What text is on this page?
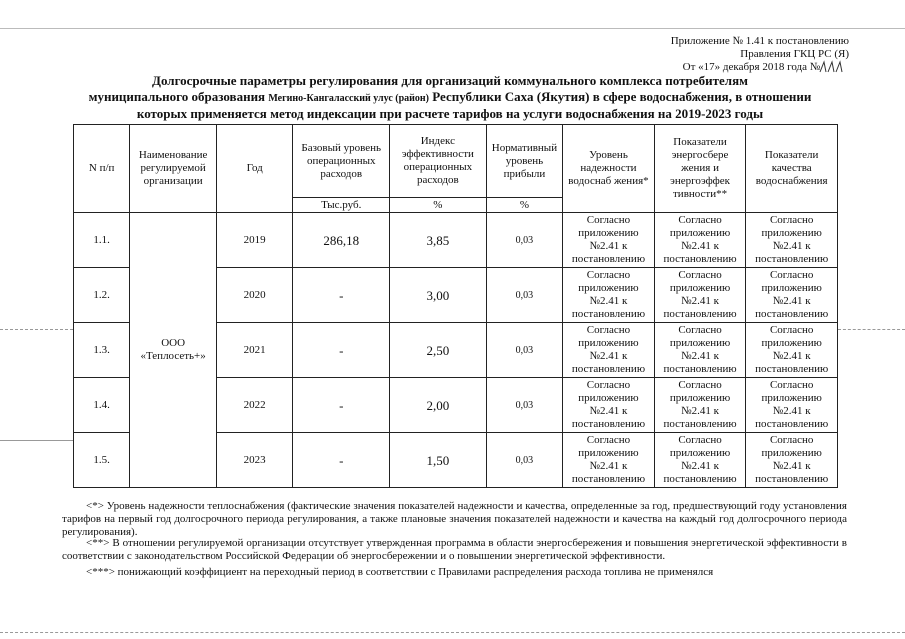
Приложение № 1.41 к постановлению
Правления ГКЦ РС (Я)
От «17» декабря 2018 года №
Долгосрочные параметры регулирования для организаций коммунального комплекса потребителям
муниципального образования Мегино-Кангаласский улус (район) Республики Саха (Якутия) в сфере водоснабжения, в отношении
которых применяется метод индексации при расчете тарифов на услуги водоснабжения на 2019-2023 годы
N п/п	Наименование регулируемой организации	Год	Базовый уровень операционных расходов	Индекс эффективности операционных расходов	Нормативный уровень прибыли	Уровень надежности водоснаб жения*	Показатели энергосбере жения и энергоэффек тивности**	Показатели качества водоснабжения
			Тыс.руб.	%	%			
1.1.	ООО «Теплосеть+»	2019	286,18	3,85	0,03	Согласно приложению №2.41 к постановлению	Согласно приложению №2.41 к постановлению	Согласно приложению №2.41 к постановлению
1.2.		2020	-	3,00	0,03	Согласно приложению №2.41 к постановлению	Согласно приложению №2.41 к постановлению	Согласно приложению №2.41 к постановлению
1.3.		2021	-	2,50	0,03	Согласно приложению №2.41 к постановлению	Согласно приложению №2.41 к постановлению	Согласно приложению №2.41 к постановлению
1.4.		2022	-	2,00	0,03	Согласно приложению №2.41 к постановлению	Согласно приложению №2.41 к постановлению	Согласно приложению №2.41 к постановлению
1.5.		2023	-	1,50	0,03	Согласно приложению №2.41 к постановлению	Согласно приложению №2.41 к постановлению	Согласно приложению №2.41 к постановлению
<*> Уровень надежности теплоснабжения (фактические значения показателей надежности и качества, определенные за год, предшествующий году установления тарифов на первый год долгосрочного периода регулирования, а также плановые значения показателей надежности и качества на каждый год долгосрочного периода регулирования).
<**> В отношении регулируемой организации отсутствует утвержденная программа в области энергосбережения и повышения энергетической эффективности в соответствии с законодательством Российской Федерации об энергосбережении и о повышении энергетической эффективности.
<***> понижающий коэффициент на переходный период в соответствии с Правилами распределения расхода топлива не применялся
